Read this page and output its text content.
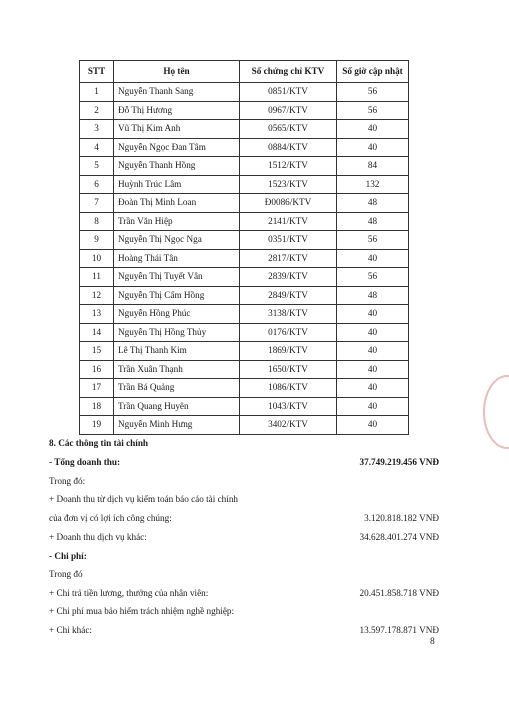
STT	Họ tên	Số chứng chỉ KTV	Số giờ cập nhật
1	Nguyễn Thanh Sang	0851/KTV	56
2	Đỗ Thị Hương	0967/KTV	56
3	Vũ Thị Kim Anh	0565/KTV	40
4	Nguyễn Ngọc Đan Tâm	0884/KTV	40
5	Nguyễn Thanh Hồng	1512/KTV	84
6	Huỳnh Trúc Lâm	1523/KTV	132
7	Đoàn Thị Minh Loan	Đ0086/KTV	48
8	Trần Văn Hiệp	2141/KTV	48
9	Nguyễn Thị Ngọc Nga	0351/KTV	56
10	Hoàng Thái Tân	2817/KTV	40
11	Nguyễn Thị Tuyết Vân	2839/KTV	56
12	Nguyễn Thị Cẩm Hồng	2849/KTV	48
13	Nguyễn Hồng Phúc	3138/KTV	40
14	Nguyễn Thị Hồng Thủy	0176/KTV	40
15	Lê Thị Thanh Kim	1869/KTV	40
16	Trần Xuân Thạnh	1650/KTV	40
17	Trần Bá Quảng	1086/KTV	40
18	Trần Quang Huyên	1043/KTV	40
19	Nguyễn Minh Hưng	3402/KTV	40
8. Các thông tin tài chính
- Tổng doanh thu:	37.749.219.456 VNĐ
Trong đó:
+ Doanh thu từ dịch vụ kiểm toán báo cáo tài chính
của đơn vị có lợi ích công chúng:	3.120.818.182 VNĐ
+ Doanh thu dịch vụ khác:	34.628.401.274 VNĐ
- Chi phí:
Trong đó
+ Chi trả tiền lương, thưởng của nhân viên:	20.451.858.718 VNĐ
+ Chi phí mua bảo hiểm trách nhiệm nghề nghiệp:
+ Chi khác:	13.597.178.871 VNĐ
8
